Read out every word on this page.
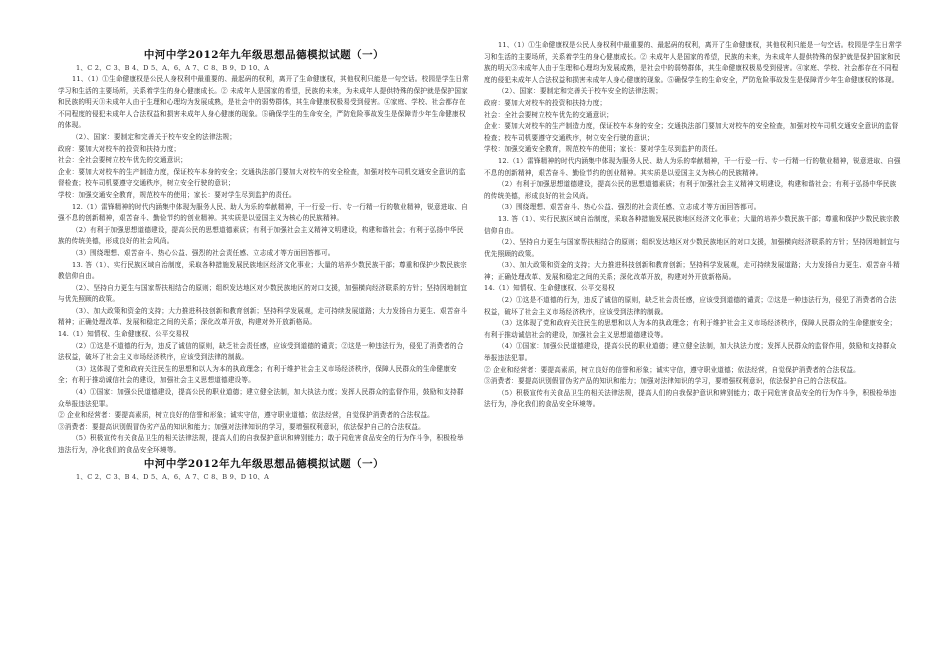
中河中学2012年九年级思想品德模拟试题（一）
1、C 2、C 3、B 4、D 5、A、6、A 7、C 8、B 9、D 10、A

11、（1）①生命健康权是公民人身权利中最重要的、最起码的权利，离开了生命健康权，其他权利只能是一句空话。校园是学生日常学习和生活的主要场所，关系着学生的身心健康成长。② 未成年人是国家的希望，民族的未来，为未成年人提供特殊的保护就是保护国家和民族的明天③未成年人由于生理和心理均为发展成熟，是社会中的弱势群体，其生命健康权极易受到侵害。④家庭、学校、社会都存在不同程度的侵犯未成年人合法权益和损害未成年人身心健康的现象。⑤确保学生的生命安全，严防危险事故发生是保障青少年生命健康权的体现。

（2）、国家：要制定和完善关于校车安全的法律法规；

政府：要加大对校车的投资和扶持力度；

社会：全社会要树立校车优先的交通意识；

企业：要加大对校车的生产制造力度，保证校车本身的安全；交通执法部门要加大对校车的安全检查，加强对校车司机交通安全意识的监督检查；校车司机要遵守交通秩序，树立安全行驶的意识；

学校：加强交通安全教育，规范校车的使用；家长：要对学生尽到监护的责任。

12.（1）雷锋精神的时代内涵集中体现为服务人民、助人为乐的奉献精神，干一行爱一行、专一行精一行的敬业精神，锐意进取、自强不息的创新精神，艰苦奋斗、勤俭节约的创业精神。其实质是以爱国主义为核心的民族精神。

（2）有利于加强思想道德建设，提高公民的思想道德素质；有利于加强社会主义精神文明建设，构建和谐社会；有利于弘扬中华民族的传统美德，形成良好的社会风尚。

（3）围绕理想、艰苦奋斗、热心公益、强烈的社会责任感、立志成才等方面回答都可。

13. 答（1）、实行民族区域自治制度，采取各种措施发展民族地区经济文化事业；大量的培养少数民族干部；尊重和保护少数民族宗教信仰自由。

（2）、坚持自力更生与国家帮扶相结合的原则；组织发达地区对少数民族地区的对口支援，加强横向经济联系的方针；坚持因地制宜与优先照顾的政策。

（3）、加大政策和资金的支持；大力推进科技创新和教育创新；坚持科学发展观，走可持续发展道路；大力发扬自力更生、艰苦奋斗精神；正确处理改革、发展和稳定之间的关系；深化改革开放，构建对外开放新格局。

14.（1）知情权、生命健康权、公平交易权

（2）①这是不道德的行为，违反了诚信的原则，缺乏社会责任感，应该受到道德的谴责；②这是一种违法行为，侵犯了消费者的合法权益，破坏了社会主义市场经济秩序，应该受到法律的制裁。

（3）这体现了党和政府关注民生的思想和以人为本的执政理念；有利于维护社会主义市场经济秩序，保障人民群众的生命健康安全；有利于推动诚信社会的建设，加强社会主义思想道德建设等。

（4）①国家：加强公民道德建设，提高公民的职业道德；建立健全法制，加大执法力度；发挥人民群众的监督作用，鼓励和支持群众举报违法犯罪。

② 企业和经营者：要提高素质，树立良好的信誉和形象；诚实守信，遵守职业道德；依法经营，自觉保护消费者的合法权益。

③消费者：要提高识别假冒伪劣产品的知识和能力；加强对法律知识的学习，要增强权利意识，依法保护自己的合法权益。

（5）积极宣传有关食品卫生的相关法律法规，提高人们的自我保护意识和辨别能力；敢于同危害食品安全的行为作斗争，积极检举违法行为，净化我们的食品安全环境等。

中河中学2012年九年级思想品德模拟试题（一）
1、C 2、C 3、B 4、D 5、A、6、A 7、C 8、B 9、D 10、A

11、（1）①生命健康权是公民人身权利中最重要的、最起码的权利，离开了生命健康权，其他权利只能是一句空话。校园是学生日常学习和生活的主要场所，关系着学生的身心健康成长。② 未成年人是国家的希望，民族的未来，为未成年人提供特殊的保护就是保护国家和民族的明天③未成年人由于生理和心理均为发展成熟，是社会中的弱势群体，其生命健康权极易受到侵害。④家庭、学校、社会都存在不同程度的侵犯未成年人合法权益和损害未成年人身心健康的现象。⑤确保学生的生命安全，严防危险事故发生是保障青少年生命健康权的体现。

（2）、国家：要制定和完善关于校车安全的法律法规；

政府：要加大对校车的投资和扶持力度；

社会：全社会要树立校车优先的交通意识；

企业：要加大对校车的生产制造力度，保证校车本身的安全；交通执法部门要加大对校车的安全检查，加强对校车司机交通安全意识的监督检查；校车司机要遵守交通秩序，树立安全行驶的意识；

学校：加强交通安全教育，规范校车的使用；家长：要对学生尽到监护的责任。

12.（1）雷锋精神的时代内涵集中体现为服务人民、助人为乐的奉献精神，干一行爱一行、专一行精一行的敬业精神，锐意进取、自强不息的创新精神，艰苦奋斗、勤俭节约的创业精神。其实质是以爱国主义为核心的民族精神。

（2）有利于加强思想道德建设，提高公民的思想道德素质；有利于加强社会主义精神文明建设，构建和谐社会；有利于弘扬中华民族的传统美德，形成良好的社会风尚。

（3）围绕理想、艰苦奋斗、热心公益、强烈的社会责任感、立志成才等方面回答都可。

13. 答（1）、实行民族区域自治制度，采取各种措施发展民族地区经济文化事业；大量的培养少数民族干部；尊重和保护少数民族宗教信仰自由。

（2）、坚持自力更生与国家帮扶相结合的原则；组织发达地区对少数民族地区的对口支援，加强横向经济联系的方针；坚持因地制宜与优先照顾的政策。

（3）、加大政策和资金的支持；大力推进科技创新和教育创新；坚持科学发展观，走可持续发展道路；大力发扬自力更生、艰苦奋斗精神；正确处理改革、发展和稳定之间的关系；深化改革开放，构建对外开放新格局。

14.（1）知情权、生命健康权、公平交易权

（2）①这是不道德的行为，违反了诚信的原则，缺乏社会责任感，应该受到道德的谴责；②这是一种违法行为，侵犯了消费者的合法权益，破坏了社会主义市场经济秩序，应该受到法律的制裁。

（3）这体现了党和政府关注民生的思想和以人为本的执政理念；有利于维护社会主义市场经济秩序，保障人民群众的生命健康安全；有利于推动诚信社会的建设，加强社会主义思想道德建设等。

（4）①国家：加强公民道德建设，提高公民的职业道德；建立健全法制，加大执法力度；发挥人民群众的监督作用，鼓励和支持群众举报违法犯罪。

② 企业和经营者：要提高素质，树立良好的信誉和形象；诚实守信，遵守职业道德；依法经营，自觉保护消费者的合法权益。

③消费者：要提高识别假冒伪劣产品的知识和能力；加强对法律知识的学习，要增强权利意识，依法保护自己的合法权益。

（5）积极宣传有关食品卫生的相关法律法规，提高人们的自我保护意识和辨别能力；敢于同危害食品安全的行为作斗争，积极检举违法行为，净化我们的食品安全环境等。
